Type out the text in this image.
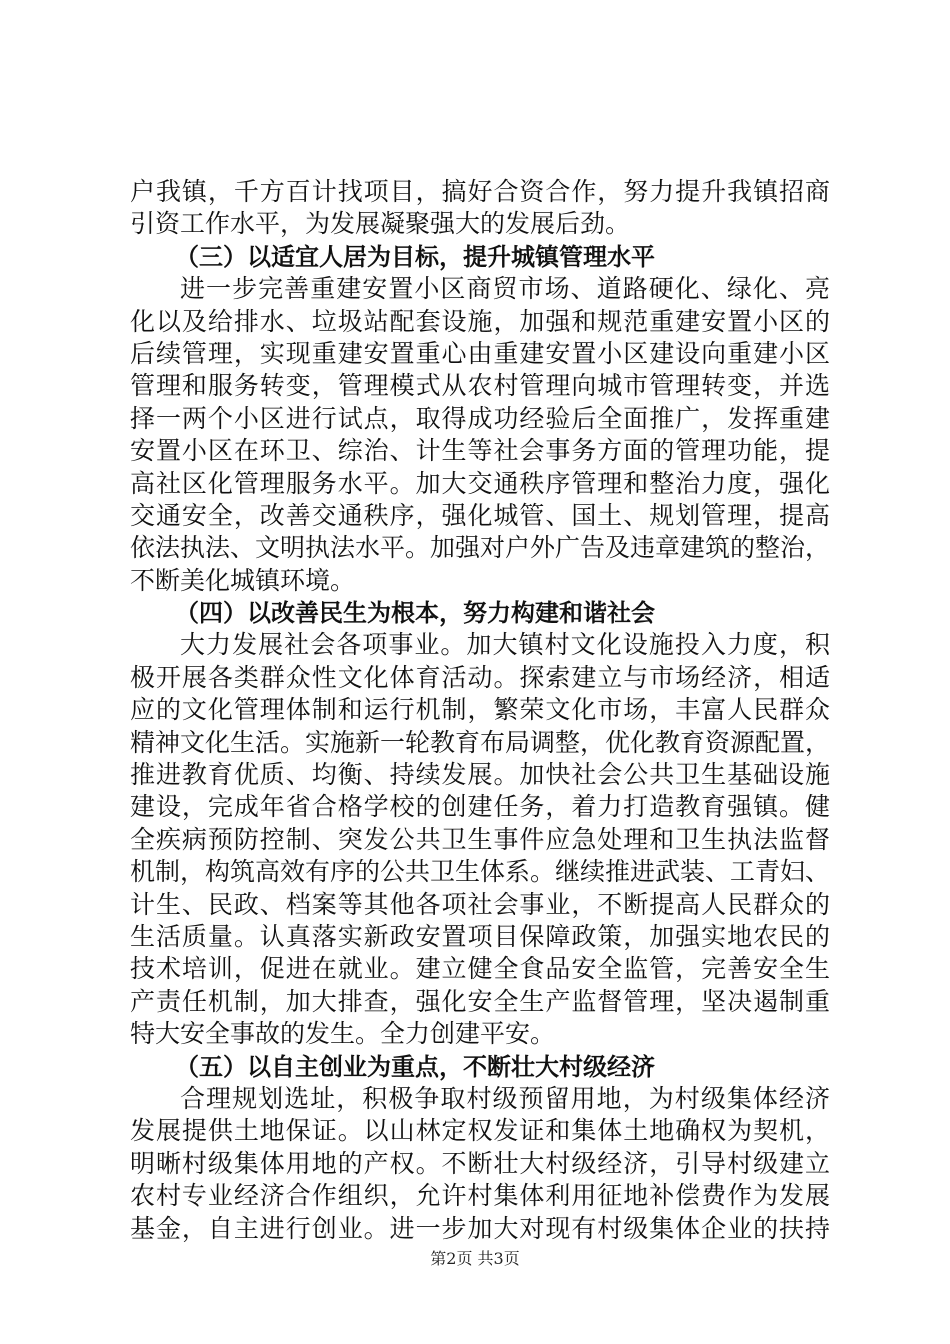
户我镇，千方百计找项目，搞好合资合作，努力提升我镇招商
引资工作水平，为发展凝聚强大的发展后劲。
（三）以适宜人居为目标，提升城镇管理水平
进一步完善重建安置小区商贸市场、道路硬化、绿化、亮
化以及给排水、垃圾站配套设施，加强和规范重建安置小区的
后续管理，实现重建安置重心由重建安置小区建设向重建小区
管理和服务转变，管理模式从农村管理向城市管理转变，并选
择一两个小区进行试点，取得成功经验后全面推广，发挥重建
安置小区在环卫、综治、计生等社会事务方面的管理功能，提
高社区化管理服务水平。加大交通秩序管理和整治力度，强化
交通安全，改善交通秩序，强化城管、国土、规划管理，提高
依法执法、文明执法水平。加强对户外广告及违章建筑的整治，
不断美化城镇环境。
（四）以改善民生为根本，努力构建和谐社会
大力发展社会各项事业。加大镇村文化设施投入力度，积
极开展各类群众性文化体育活动。探索建立与市场经济，相适
应的文化管理体制和运行机制，繁荣文化市场，丰富人民群众
精神文化生活。实施新一轮教育布局调整，优化教育资源配置，
推进教育优质、均衡、持续发展。加快社会公共卫生基础设施
建设，完成年省合格学校的创建任务，着力打造教育强镇。健
全疾病预防控制、突发公共卫生事件应急处理和卫生执法监督
机制，构筑高效有序的公共卫生体系。继续推进武装、工青妇、
计生、民政、档案等其他各项社会事业，不断提高人民群众的
生活质量。认真落实新政安置项目保障政策，加强实地农民的
技术培训，促进在就业。建立健全食品安全监管，完善安全生
产责任机制，加大排查，强化安全生产监督管理，坚决遏制重
特大安全事故的发生。全力创建平安。
（五）以自主创业为重点，不断壮大村级经济
合理规划选址，积极争取村级预留用地，为村级集体经济
发展提供土地保证。以山林定权发证和集体土地确权为契机，
明晰村级集体用地的产权。不断壮大村级经济，引导村级建立
农村专业经济合作组织，允许村集体利用征地补偿费作为发展
基金，自主进行创业。进一步加大对现有村级集体企业的扶持
第2页 共3页
